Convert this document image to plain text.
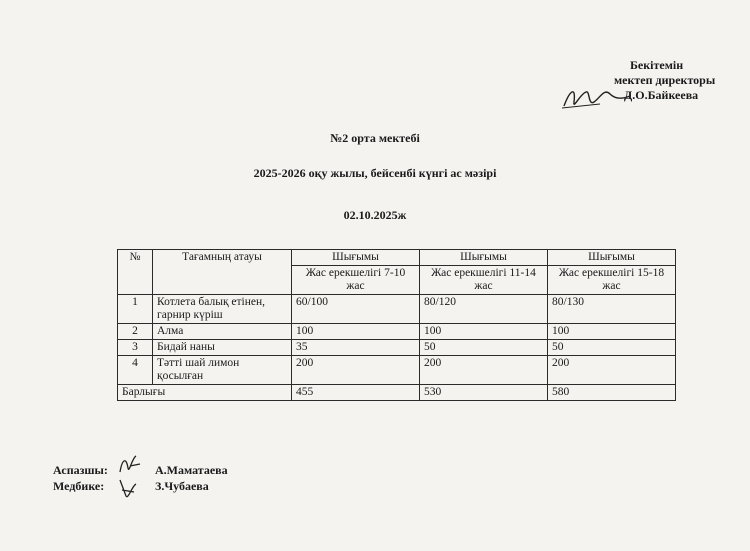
Бекітемін
мектеп директоры
Д.О.Байкеева
№2 орта мектебі
2025-2026 оқу жылы, бейсенбі күнгі ас мәзірі
02.10.2025ж
№	Тағамның атауы	Шығымы	Шығымы	Шығымы
		Жас ерекшелігі 7-10 жас	Жас ерекшелігі 11-14 жас	Жас ерекшелігі 15-18 жас
1	Котлета балық етінен, гарнир күріш	60/100	80/120	80/130
2	Алма	100	100	100
3	Бидай наны	35	50	50
4	Тәтті шай лимон қосылған	200	200	200
Барлығы		455	530	580
Аспазшы:	А.Маматаева
Медбике:	З.Чубаева
